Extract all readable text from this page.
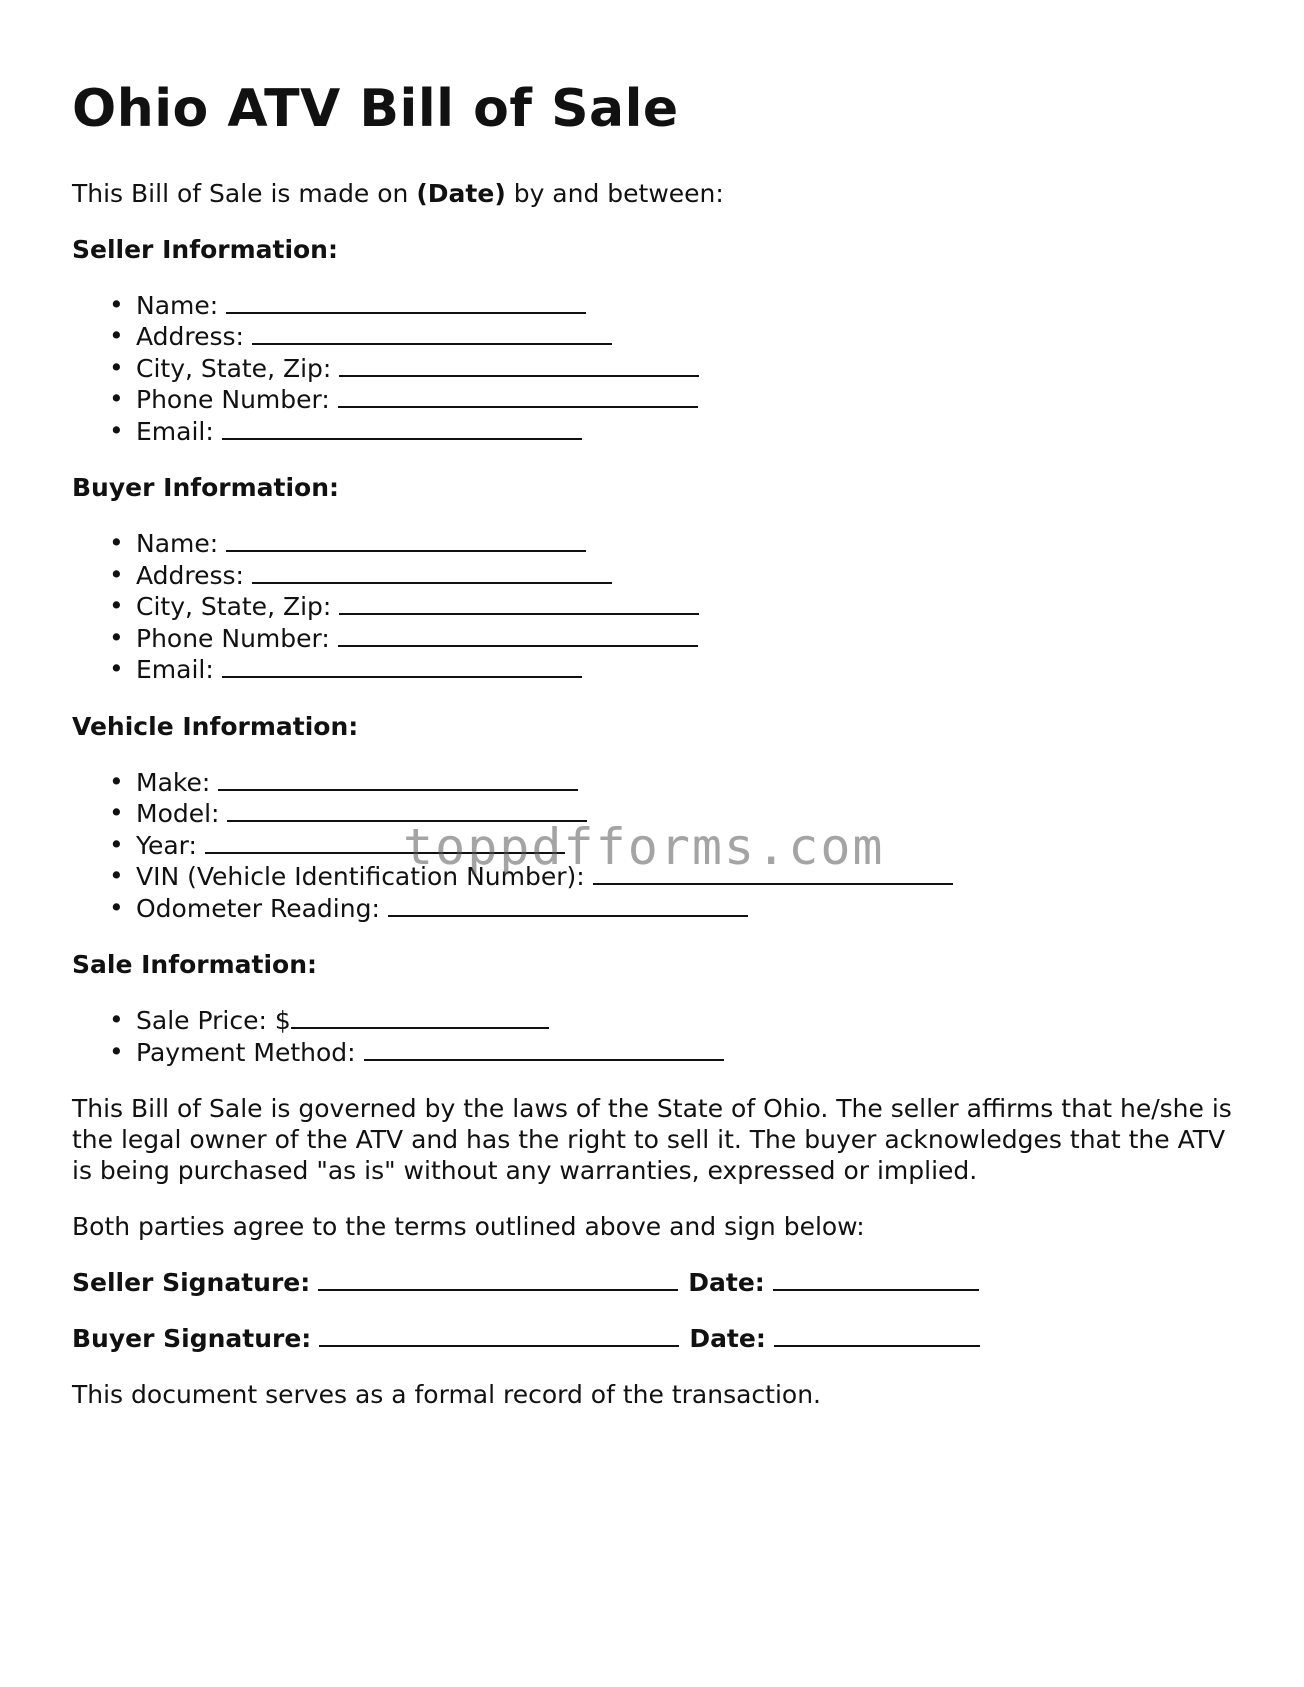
Ohio ATV Bill of Sale

This Bill of Sale is made on (Date) by and between:

Seller Information:
• Name:
• Address:
• City, State, Zip:
• Phone Number:
• Email:
Buyer Information:
• Name:
• Address:
• City, State, Zip:
• Phone Number:
• Email:
Vehicle Information:
• Make:
• Model:
• Year:
• VIN (Vehicle Identification Number):
• Odometer Reading:
Sale Information:
• Sale Price: $
• Payment Method:

This Bill of Sale is governed by the laws of the State of Ohio. The seller affirms that he/she is the legal owner of the ATV and has the right to sell it. The buyer acknowledges that the ATV is being purchased "as is" without any warranties, expressed or implied.

Both parties agree to the terms outlined above and sign below:

Seller Signature:	Date:
Buyer Signature:	Date:

This document serves as a formal record of the transaction.

toppdfforms.com
